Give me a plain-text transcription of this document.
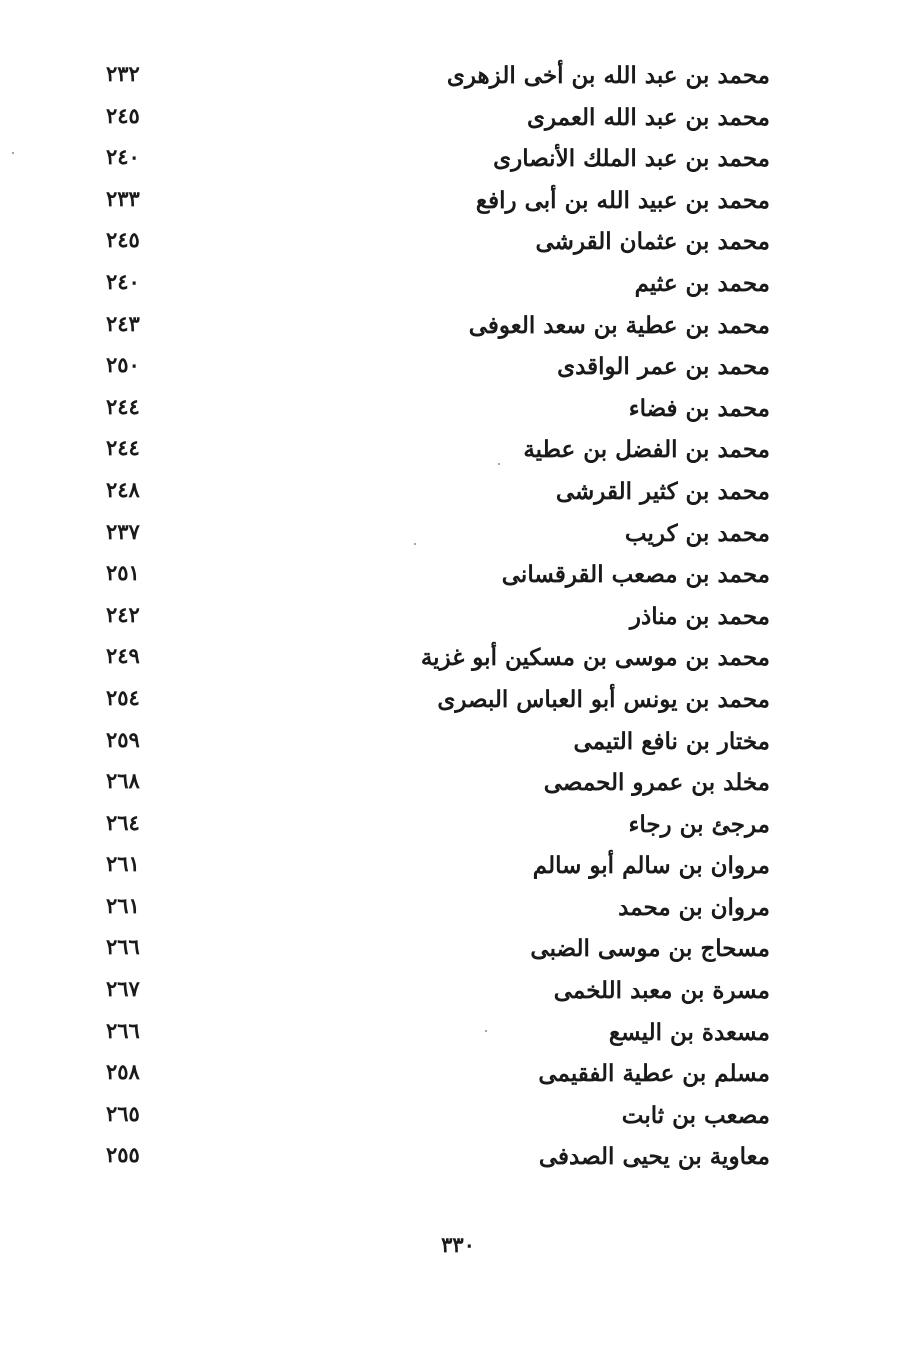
محمد بن عبد الله بن أخى الزهرى
٢٣٢
محمد بن عبد الله العمرى
٢٤٥
محمد بن عبد الملك الأنصارى
٢٤٠
محمد بن عبيد الله بن أبى رافع
٢٣٣
محمد بن عثمان القرشى
٢٤٥
محمد بن عثيم
٢٤٠
محمد بن عطية بن سعد العوفى
٢٤٣
محمد بن عمر الواقدى
٢٥٠
محمد بن فضاء
٢٤٤
محمد بن الفضل بن عطية
٢٤٤
محمد بن كثير القرشى
٢٤٨
محمد بن كريب
٢٣٧
محمد بن مصعب القرقسانى
٢٥١
محمد بن مناذر
٢٤٢
محمد بن موسى بن مسكين أبو غزية
٢٤٩
محمد بن يونس أبو العباس البصرى
٢٥٤
مختار بن نافع التيمى
٢٥٩
مخلد بن عمرو الحمصى
٢٦٨
مرجئ بن رجاء
٢٦٤
مروان بن سالم أبو سالم
٢٦١
مروان بن محمد
٢٦١
مسحاج بن موسى الضبى
٢٦٦
مسرة بن معبد اللخمى
٢٦٧
مسعدة بن اليسع
٢٦٦
مسلم بن عطية الفقيمى
٢٥٨
مصعب بن ثابت
٢٦٥
معاوية بن يحيى الصدفى
٢٥٥
٣٣٠
